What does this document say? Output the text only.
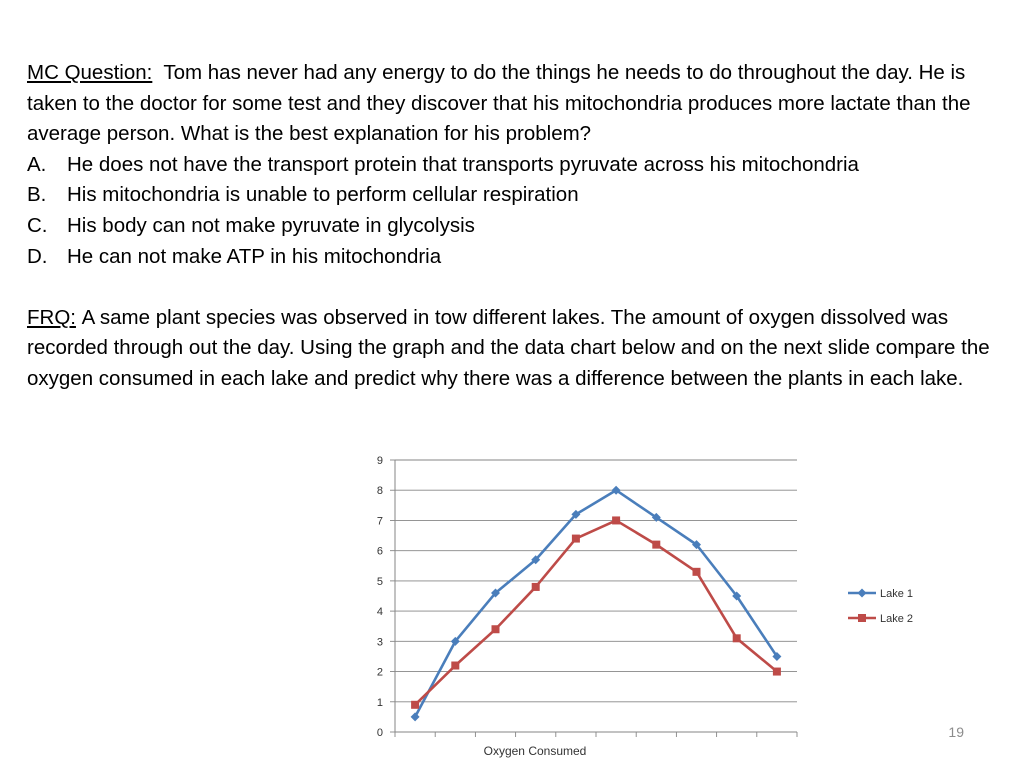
MC Question: Tom has never had any energy to do the things he needs to do throughout the day. He is taken to the doctor for some test and they discover that his mitochondria produces more lactate than the average person. What is the best explanation for his problem?

A.	He does not have the transport protein that transports pyruvate across his mitochondria
B.	His mitochondria is unable to perform cellular respiration
C. His body can not make pyruvate in glycolysis
D. He can not make ATP in his mitochondria

FRQ: A same plant species was observed in tow different lakes. The amount of oxygen dissolved was recorded through out the day. Using the graph and the data chart below and on the next slide compare the oxygen consumed in each lake and predict why there was a difference between the plants in each lake.

0
1
2
3
4
5
6
7
8
9
Oxygen Consumed
Lake 1
Lake 2
19
